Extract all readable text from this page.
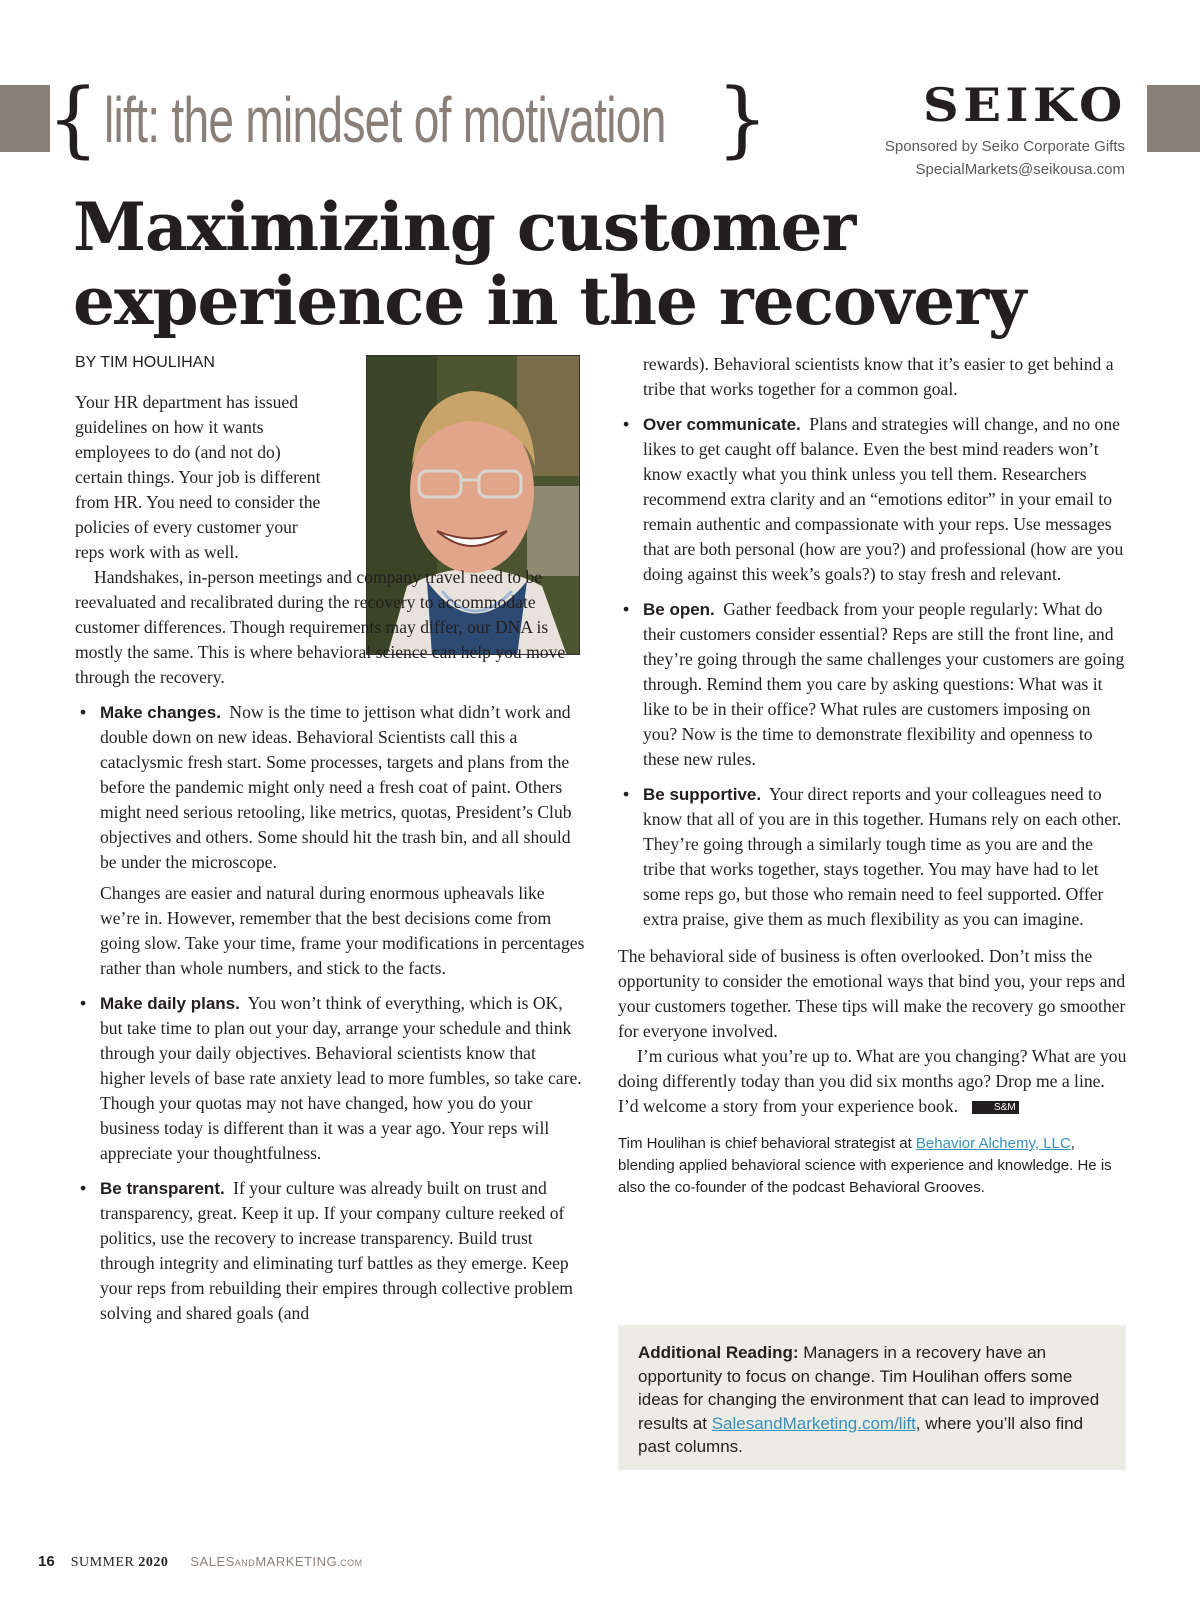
{ lift: the mindset of motivation }	SEIKO
Sponsored by Seiko Corporate Gifts
SpecialMarkets@seikousa.com
Maximizing customer experience in the recovery
BY TIM HOULIHAN

Your HR department has issued guidelines on how it wants employees to do (and not do) certain things. Your job is different from HR. You need to consider the policies of every customer your reps work with as well.

Handshakes, in-person meetings and company travel need to be reevaluated and recalibrated during the recovery to accommodate customer differences. Though requirements may differ, our DNA is mostly the same. This is where behavioral science can help you move through the recovery.

• Make changes. Now is the time to jettison what didn’t work and double down on new ideas. Behavioral Scientists call this a cataclysmic fresh start. Some processes, targets and plans from the before the pandemic might only need a fresh coat of paint. Others might need serious retooling, like metrics, quotas, President’s Club objectives and others. Some should hit the trash bin, and all should be under the microscope.

Changes are easier and natural during enormous upheavals like we’re in. However, remember that the best decisions come from going slow. Take your time, frame your modifications in percentages rather than whole numbers, and stick to the facts.

• Make daily plans. You won’t think of everything, which is OK, but take time to plan out your day, arrange your schedule and think through your daily objectives. Behavioral scientists know that higher levels of base rate anxiety lead to more fumbles, so take care. Though your quotas may not have changed, how you do your business today is different than it was a year ago. Your reps will appreciate your thoughtfulness.
• Be transparent. If your culture was already built on trust and transparency, great. Keep it up. If your company culture reeked of politics, use the recovery to increase transparency. Build trust through integrity and eliminating turf battles as they emerge. Keep your reps from rebuilding their empires through collective problem solving and shared goals (and

rewards). Behavioral scientists know that it’s easier to get behind a tribe that works together for a common goal.

• Over communicate. Plans and strategies will change, and no one likes to get caught off balance. Even the best mind readers won’t know exactly what you think unless you tell them. Researchers recommend extra clarity and an “emotions editor” in your email to remain authentic and compassionate with your reps. Use messages that are both personal (how are you?) and professional (how are you doing against this week’s goals?) to stay fresh and relevant.
• Be open. Gather feedback from your people regularly: What do their customers consider essential? Reps are still the front line, and they’re going through the same challenges your customers are going through. Remind them you care by asking questions: What was it like to be in their office? What rules are customers imposing on you? Now is the time to demonstrate flexibility and openness to these new rules.
• Be supportive. Your direct reports and your colleagues need to know that all of you are in this together. Humans rely on each other. They’re going through a similarly tough time as you are and the tribe that works together, stays together. You may have had to let some reps go, but those who remain need to feel supported. Offer extra praise, give them as much flexibility as you can imagine.

The behavioral side of business is often overlooked. Don’t miss the opportunity to consider the emotional ways that bind you, your reps and your customers together. These tips will make the recovery go smoother for everyone involved.

I’m curious what you’re up to. What are you changing? What are you doing differently today than you did six months ago? Drop me a line. I’d welcome a story from your experience book.	S&M

Tim Houlihan is chief behavioral strategist at Behavior Alchemy, LLC, blending applied behavioral science with experience and knowledge. He is also the co-founder of the podcast Behavioral Grooves.

Additional Reading: Managers in a recovery have an opportunity to focus on change. Tim Houlihan offers some ideas for changing the environment that can lead to improved results at SalesandMarketing.com/lift, where you’ll also find past columns.
16 SUMMER 2020 SALESANDMARKETING.COM
